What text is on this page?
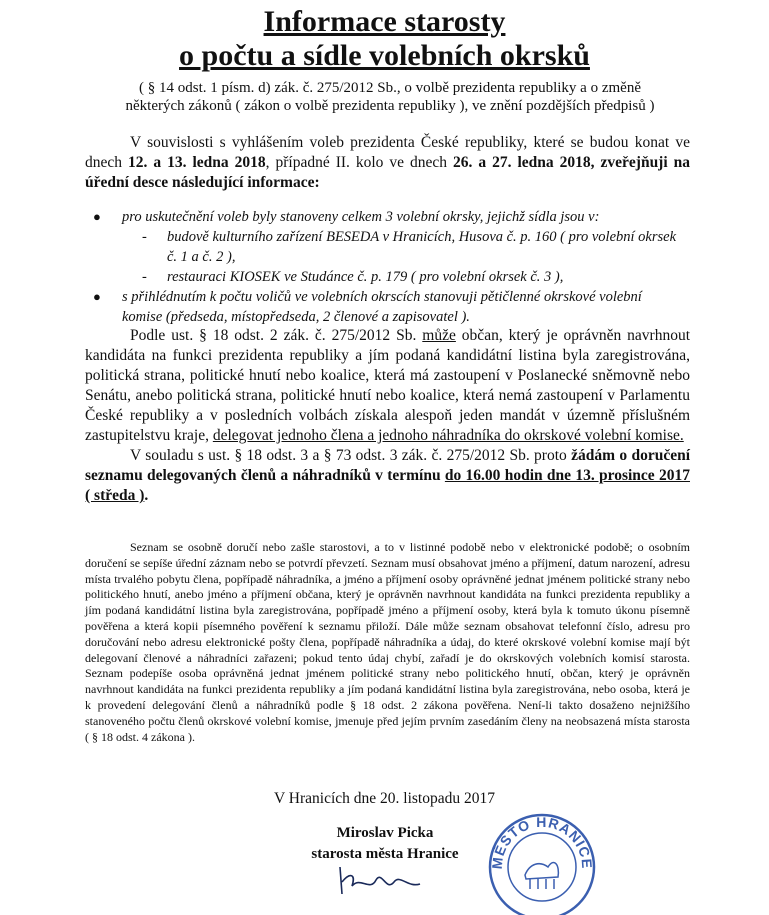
Informace starosty
o počtu a sídle volebních okrsků
( § 14 odst. 1 písm. d) zák. č. 275/2012 Sb., o volbě prezidenta republiky a o změně
některých zákonů ( zákon o volbě prezidenta republiky ), ve znění pozdějších předpisů )
V souvislosti s vyhlášením voleb prezidenta České republiky, které se budou konat ve dnech 12. a 13. ledna 2018, případné II. kolo ve dnech 26. a 27. ledna 2018, zveřejňuji na úřední desce následující informace:
● pro uskutečnění voleb byly stanoveny celkem 3 volební okrsky, jejichž sídla jsou v:
- budově kulturního zařízení BESEDA v Hranicích, Husova č. p. 160 ( pro volební okrsek č. 1 a č. 2 ),
- restauraci KIOSEK ve Studánce č. p. 179 ( pro volební okrsek č. 3 ),
● s přihlédnutím k počtu voličů ve volebních okrscích stanovuji pětičlenné okrskové volební komise (předseda, místopředseda, 2 členové a zapisovatel ).
Podle ust. § 18 odst. 2 zák. č. 275/2012 Sb. může občan, který je oprávněn navrhnout kandidáta na funkci prezidenta republiky a jím podaná kandidátní listina byla zaregistrována, politická strana, politické hnutí nebo koalice, která má zastoupení v Poslanecké sněmovně nebo Senátu, anebo politická strana, politické hnutí nebo koalice, která nemá zastoupení v Parlamentu České republiky a v posledních volbách získala alespoň jeden mandát v územně příslušném zastupitelstvu kraje, delegovat jednoho člena a jednoho náhradníka do okrskové volební komise.
V souladu s ust. § 18 odst. 3 a § 73 odst. 3 zák. č. 275/2012 Sb. proto žádám o doručení seznamu delegovaných členů a náhradníků v termínu do 16.00 hodin dne 13. prosince 2017 ( středa ).
Seznam se osobně doručí nebo zašle starostovi, a to v listinné podobě nebo v elektronické podobě; o osobním doručení se sepíše úřední záznam nebo se potvrdí převzetí. Seznam musí obsahovat jméno a příjmení, datum narození, adresu místa trvalého pobytu člena, popřípadě náhradníka, a jméno a příjmení osoby oprávněné jednat jménem politické strany nebo politického hnutí, anebo jméno a příjmení občana, který je oprávněn navrhnout kandidáta na funkci prezidenta republiky a jím podaná kandidátní listina byla zaregistrována, popřípadě jméno a příjmení osoby, která byla k tomuto úkonu písemně pověřena a která kopii písemného pověření k seznamu přiloží. Dále může seznam obsahovat telefonní číslo, adresu pro doručování nebo adresu elektronické pošty člena, popřípadě náhradníka a údaj, do které okrskové volební komise mají být delegovaní členové a náhradníci zařazeni; pokud tento údaj chybí, zařadí je do okrskových volebních komisí starosta. Seznam podepíše osoba oprávněná jednat jménem politické strany nebo politického hnutí, občan, který je oprávněn navrhnout kandidáta na funkci prezidenta republiky a jím podaná kandidátní listina byla zaregistrována, nebo osoba, která je k provedení delegování členů a náhradníků podle § 18 odst. 2 zákona pověřena. Není-li takto dosaženo nejnižšího stanoveného počtu členů okrskové volební komise, jmenuje před jejím prvním zasedáním členy na neobsazená místa starosta ( § 18 odst. 4 zákona ).
V Hranicích dne 20. listopadu 2017
Miroslav Picka
starosta města Hranice
MĚSTO HRANICE
